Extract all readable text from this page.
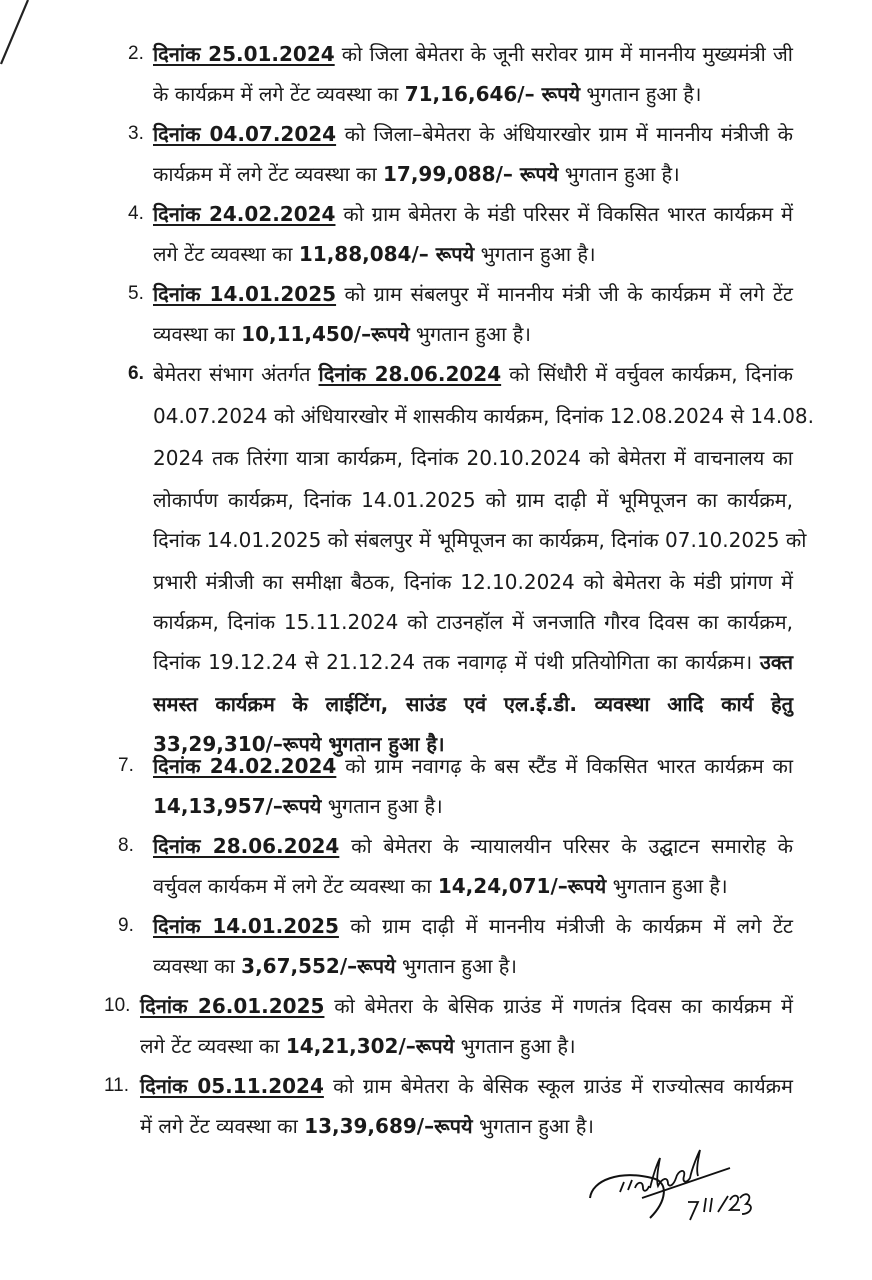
2. दिनांक 25.01.2024 को जिला बेमेतरा के जूनी सरोवर ग्राम में माननीय मुख्यमंत्री जी
के कार्यक्रम में लगे टेंट व्यवस्था का 71,16,646/– रूपये भुगतान हुआ है।
3. दिनांक 04.07.2024 को जिला–बेमेतरा के अंधियारखोर ग्राम में माननीय मंत्रीजी के
कार्यक्रम में लगे टेंट व्यवस्था का 17,99,088/– रूपये भुगतान हुआ है।
4. दिनांक 24.02.2024 को ग्राम बेमेतरा के मंडी परिसर में विकसित भारत कार्यक्रम में
लगे टेंट व्यवस्था का 11,88,084/– रूपये भुगतान हुआ है।
5. दिनांक 14.01.2025 को ग्राम संबलपुर में माननीय मंत्री जी के कार्यक्रम में लगे टेंट
व्यवस्था का 10,11,450/–रूपये भुगतान हुआ है।
6. बेमेतरा संभाग अंतर्गत दिनांक 28.06.2024 को सिंधौरी में वर्चुवल कार्यक्रम, दिनांक
04.07.2024 को अंधियारखोर में शासकीय कार्यक्रम, दिनांक 12.08.2024 से 14.08.
2024 तक तिरंगा यात्रा कार्यक्रम, दिनांक 20.10.2024 को बेमेतरा में वाचनालय का
लोकार्पण कार्यक्रम, दिनांक 14.01.2025 को ग्राम दाढ़ी में भूमिपूजन का कार्यक्रम,
दिनांक 14.01.2025 को संबलपुर में भूमिपूजन का कार्यक्रम, दिनांक 07.10.2025 को
प्रभारी मंत्रीजी का समीक्षा बैठक, दिनांक 12.10.2024 को बेमेतरा के मंडी प्रांगण में
कार्यक्रम, दिनांक 15.11.2024 को टाउनहॉल में जनजाति गौरव दिवस का कार्यक्रम,
दिनांक 19.12.24 से 21.12.24 तक नवागढ़ में पंथी प्रतियोगिता का कार्यक्रम। उक्त
समस्त कार्यक्रम के लाईटिंग, साउंड एवं एल.ई.डी. व्यवस्था आदि कार्य हेतु
33,29,310/–रूपये भुगतान हुआ है।
7. दिनांक 24.02.2024 को ग्राम नवागढ़ के बस स्टैंड में विकसित भारत कार्यक्रम का
14,13,957/–रूपये भुगतान हुआ है।
8. दिनांक 28.06.2024 को बेमेतरा के न्यायालयीन परिसर के उद्घाटन समारोह के
वर्चुवल कार्यकम में लगे टेंट व्यवस्था का 14,24,071/–रूपये भुगतान हुआ है।
9. दिनांक 14.01.2025 को ग्राम दाढ़ी में माननीय मंत्रीजी के कार्यक्रम में लगे टेंट
व्यवस्था का 3,67,552/–रूपये भुगतान हुआ है।
10. दिनांक 26.01.2025 को बेमेतरा के बेसिक ग्राउंड में गणतंत्र दिवस का कार्यक्रम में
लगे टेंट व्यवस्था का 14,21,302/–रूपये भुगतान हुआ है।
11. दिनांक 05.11.2024 को ग्राम बेमेतरा के बेसिक स्कूल ग्राउंड में राज्योत्सव कार्यक्रम
में लगे टेंट व्यवस्था का 13,39,689/–रूपये भुगतान हुआ है।
